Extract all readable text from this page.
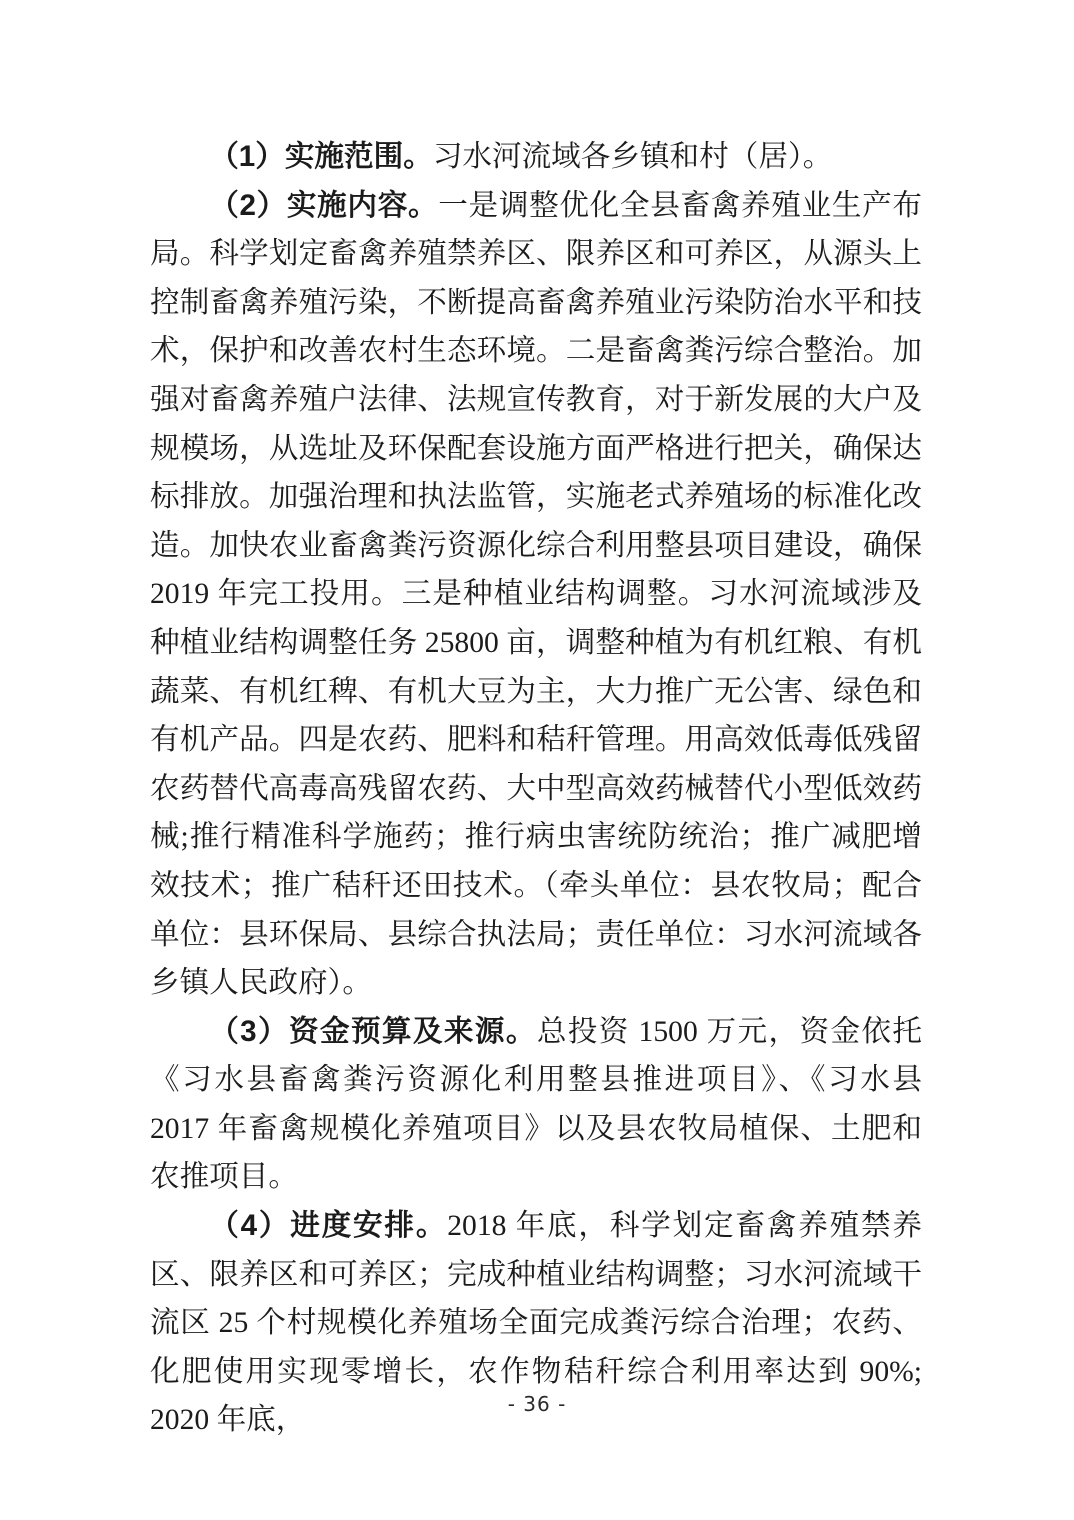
（1）实施范围。习水河流域各乡镇和村（居）。

（2）实施内容。一是调整优化全县畜禽养殖业生产布局。科学划定畜禽养殖禁养区、限养区和可养区，从源头上控制畜禽养殖污染，不断提高畜禽养殖业污染防治水平和技术，保护和改善农村生态环境。二是畜禽粪污综合整治。加强对畜禽养殖户法律、法规宣传教育，对于新发展的大户及规模场，从选址及环保配套设施方面严格进行把关，确保达标排放。加强治理和执法监管，实施老式养殖场的标准化改造。加快农业畜禽粪污资源化综合利用整县项目建设，确保 2019 年完工投用。三是种植业结构调整。习水河流域涉及种植业结构调整任务 25800 亩，调整种植为有机红粮、有机蔬菜、有机红稗、有机大豆为主，大力推广无公害、绿色和有机产品。四是农药、肥料和秸秆管理。用高效低毒低残留农药替代高毒高残留农药、大中型高效药械替代小型低效药械;推行精准科学施药；推行病虫害统防统治；推广减肥增效技术；推广秸秆还田技术。（牵头单位：县农牧局；配合单位：县环保局、县综合执法局；责任单位：习水河流域各乡镇人民政府）。

（3）资金预算及来源。总投资 1500 万元，资金依托《习水县畜禽粪污资源化利用整县推进项目》、《习水县 2017 年畜禽规模化养殖项目》以及县农牧局植保、土肥和农推项目。

（4）进度安排。2018 年底，科学划定畜禽养殖禁养区、限养区和可养区；完成种植业结构调整；习水河流域干流区 25 个村规模化养殖场全面完成粪污综合治理；农药、化肥使用实现零增长，农作物秸秆综合利用率达到 90%; 2020 年底，

- 36 -
